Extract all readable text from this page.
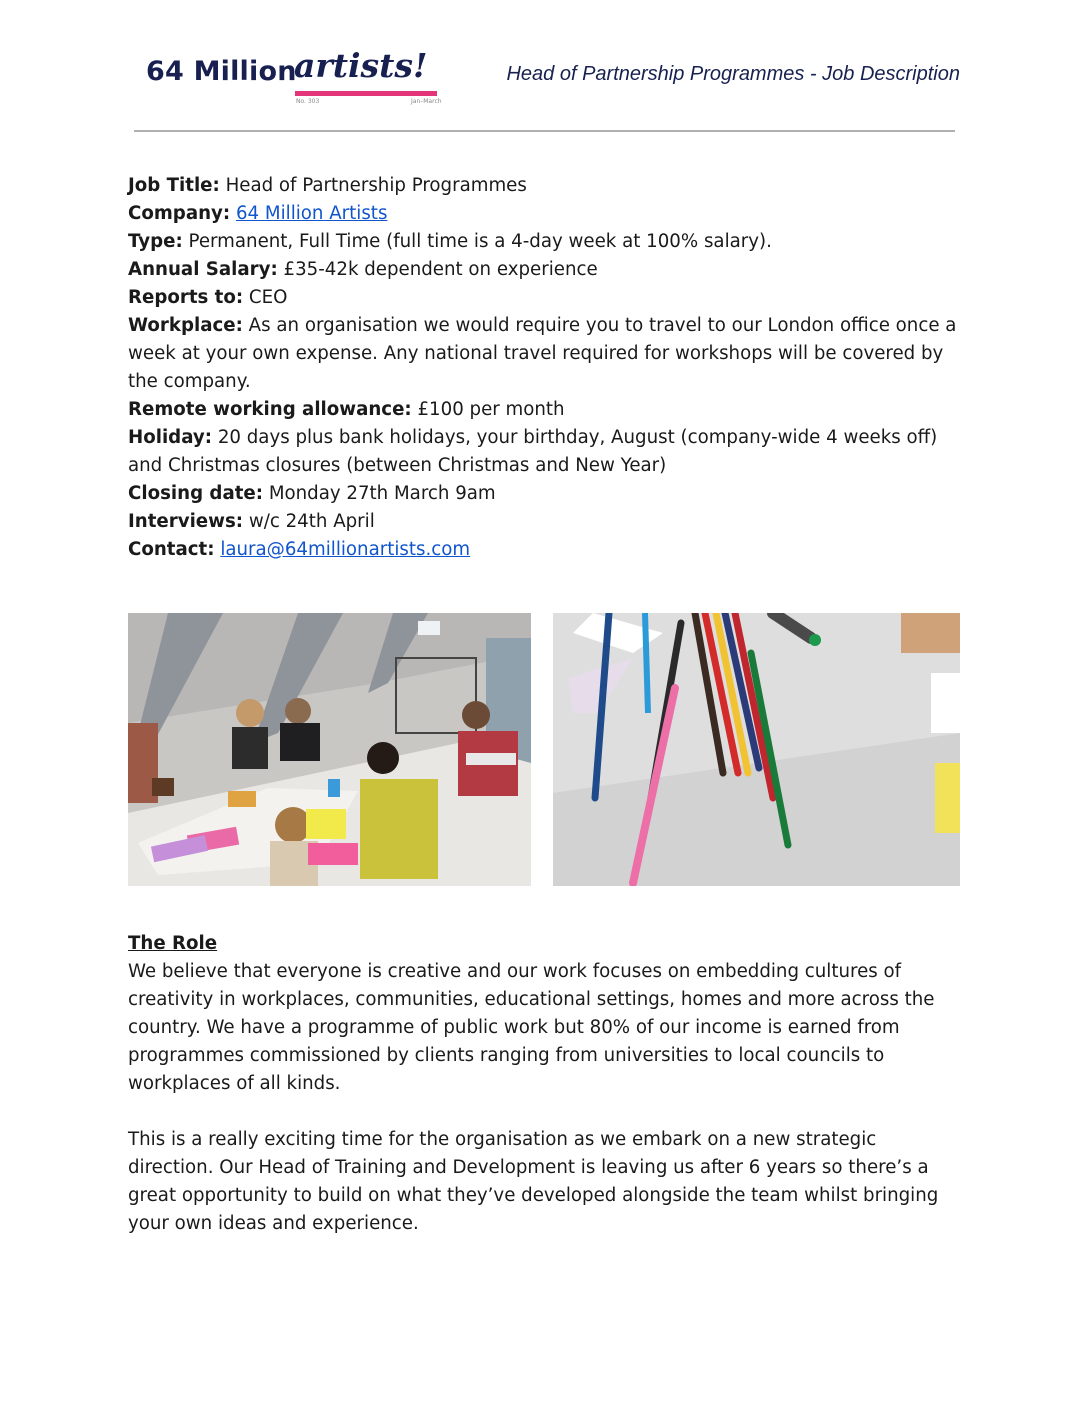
64 Million
artists!
No. 303	Jan–March
Head of Partnership Programmes - Job Description

Job Title: Head of Partnership Programmes

Company: 64 Million Artists

Type: Permanent, Full Time (full time is a 4-day week at 100% salary).

Annual Salary: £35-42k dependent on experience

Reports to: CEO

Workplace: As an organisation we would require you to travel to our London office once a week at your own expense. Any national travel required for workshops will be covered by the company.

Remote working allowance: £100 per month

Holiday: 20 days plus bank holidays, your birthday, August (company-wide 4 weeks off) and Christmas closures (between Christmas and New Year)

Closing date: Monday 27th March 9am

Interviews: w/c 24th April

Contact: laura@64millionartists.com

The Role

We believe that everyone is creative and our work focuses on embedding cultures of creativity in workplaces, communities, educational settings, homes and more across the country. We have a programme of public work but 80% of our income is earned from programmes commissioned by clients ranging from universities to local councils to workplaces of all kinds.

This is a really exciting time for the organisation as we embark on a new strategic direction. Our Head of Training and Development is leaving us after 6 years so there’s a great opportunity to build on what they’ve developed alongside the team whilst bringing your own ideas and experience.
